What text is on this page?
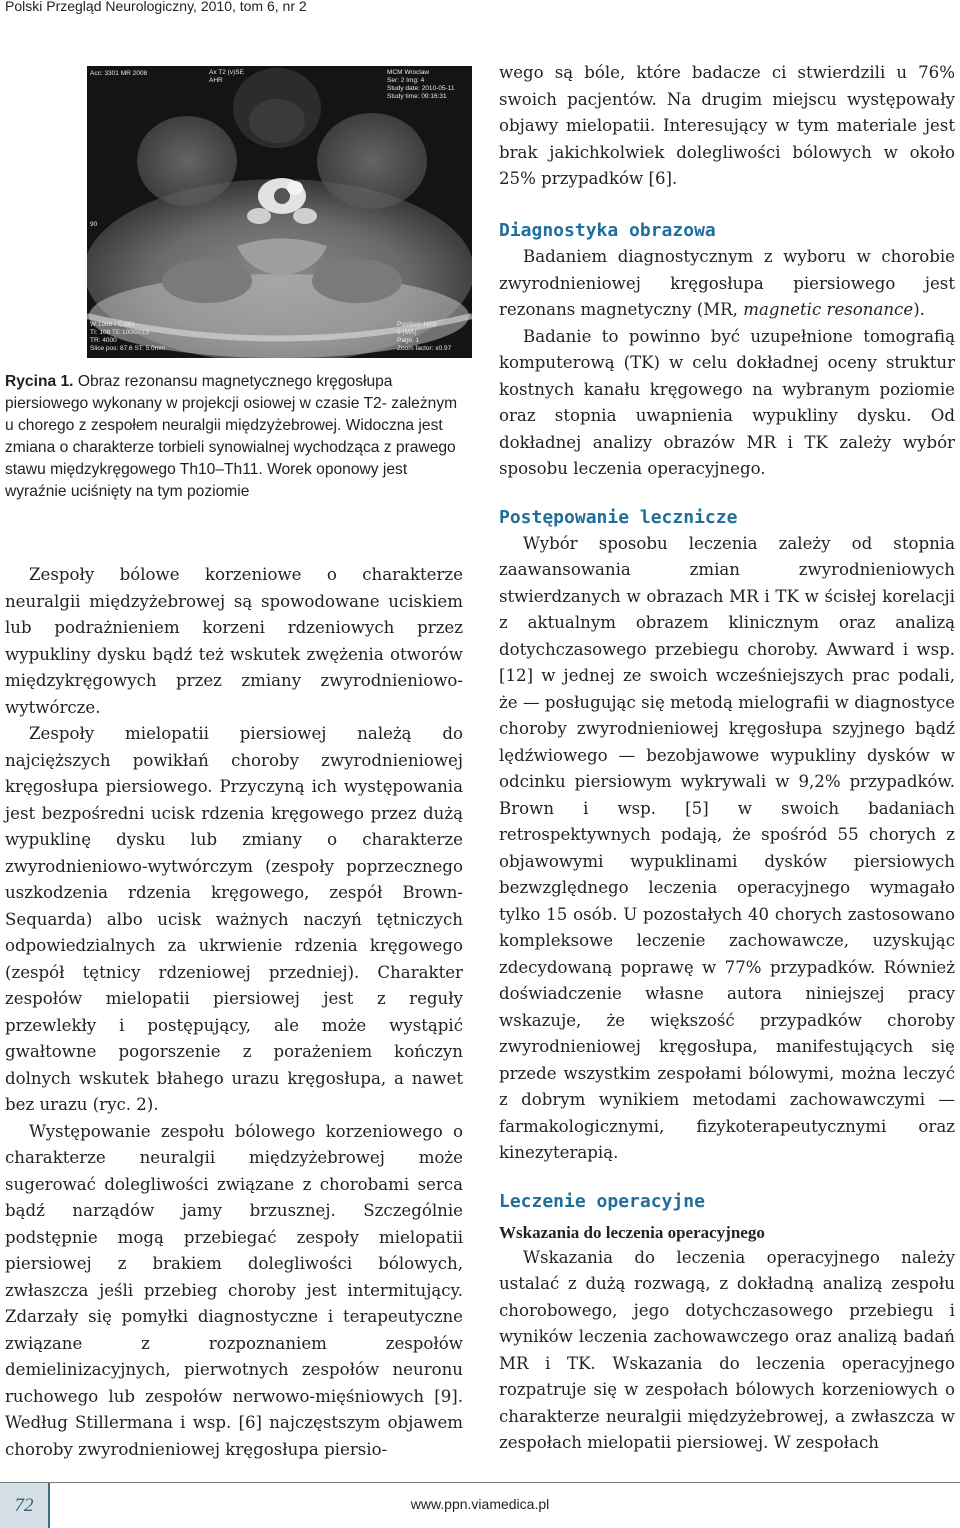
Polski Przegląd Neurologiczny, 2010, tom 6, nr 2
Acc: 3301 MR 2008	Ax T2 (v)SE
AHR
MCM Wroclaw
Ser: 2 Img: 4
Study date: 2010-05-11
Study time: 09:16:31
90
W:1966 / C:661
TI: 108 TE:100/2015
TR: 4000
Slice pos: 87.6 ST: 5.0mm
Position: HFS
5 (MA)
Page: 1
Zoom factor: x0.97
Rycina 1. Obraz rezonansu magnetycznego kręgosłupa piersiowego wykonany w projekcji osiowej w czasie T2- zależnym u chorego z zespołem neuralgii międzyżebrowej. Widoczna jest zmiana o charakterze torbieli synowialnej wychodząca z prawego stawu międzykręgowego Th10–Th11. Worek oponowy jest wyraźnie uciśnięty na tym poziomie

Zespoły bólowe korzeniowe o charakterze neuralgii międzyżebrowej są spowodowane uciskiem lub podrażnieniem korzeni rdzeniowych przez wypukliny dysku bądź też wskutek zwężenia otworów międzykręgowych przez zmiany zwyrodnieniowo-wytwórcze.

Zespoły mielopatii piersiowej należą do najcięższych powikłań choroby zwyrodnieniowej kręgosłupa piersiowego. Przyczyną ich występowania jest bezpośredni ucisk rdzenia kręgowego przez dużą wypuklinę dysku lub zmiany o charakterze zwyrodnieniowo-wytwórczym (zespoły poprzecznego uszkodzenia rdzenia kręgowego, zespół Brown-Sequarda) albo ucisk ważnych naczyń tętniczych odpowiedzialnych za ukrwienie rdzenia kręgowego (zespół tętnicy rdzeniowej przedniej). Charakter zespołów mielopatii piersiowej jest z reguły przewlekły i postępujący, ale może wystąpić gwałtowne pogorszenie z porażeniem kończyn dolnych wskutek błahego urazu kręgosłupa, a nawet bez urazu (ryc. 2).

Występowanie zespołu bólowego korzeniowego o charakterze neuralgii międzyżebrowej może sugerować dolegliwości związane z chorobami serca bądź narządów jamy brzusznej. Szczególnie podstępnie mogą przebiegać zespoły mielopatii piersiowej z brakiem dolegliwości bólowych, zwłaszcza jeśli przebieg choroby jest intermitujący. Zdarzały się pomyłki diagnostyczne i terapeutyczne związane z rozpoznaniem zespołów demielinizacyjnych, pierwotnych zespołów neuronu ruchowego lub zespołów nerwowo-mięśniowych [9]. Według Stillermana i wsp. [6] najczęstszym objawem choroby zwyrodnieniowej kręgosłupa piersio-

wego są bóle, które badacze ci stwierdzili u 76% swoich pacjentów. Na drugim miejscu występowały objawy mielopatii. Interesujący w tym materiale jest brak jakichkolwiek dolegliwości bólowych w około 25% przypadków [6].

Diagnostyka obrazowa

Badaniem diagnostycznym z wyboru w chorobie zwyrodnieniowej kręgosłupa piersiowego jest rezonans magnetyczny (MR, magnetic resonance).

Badanie to powinno być uzupełnione tomografią komputerową (TK) w celu dokładnej oceny struktur kostnych kanału kręgowego na wybranym poziomie oraz stopnia uwapnienia wypukliny dysku. Od dokładnej analizy obrazów MR i TK zależy wybór sposobu leczenia operacyjnego.

Postępowanie lecznicze

Wybór sposobu leczenia zależy od stopnia zaawansowania zmian zwyrodnieniowych stwierdzanych w obrazach MR i TK w ścisłej korelacji z aktualnym obrazem klinicznym oraz analizą dotychczasowego przebiegu choroby. Awward i wsp. [12] w jednej ze swoich wcześniejszych prac podali, że — posługując się metodą mielografii w diagnostyce choroby zwyrodnieniowej kręgosłupa szyjnego bądź lędźwiowego — bezobjawowe wypukliny dysków w odcinku piersiowym wykrywali w 9,2% przypadków. Brown i wsp. [5] w swoich badaniach retrospektywnych podają, że spośród 55 chorych z objawowymi wypuklinami dysków piersiowych bezwzględnego leczenia operacyjnego wymagało tylko 15 osób. U pozostałych 40 chorych zastosowano kompleksowe leczenie zachowawcze, uzyskując zdecydowaną poprawę w 77% przypadków. Również doświadczenie własne autora niniejszej pracy wskazuje, że większość przypadków choroby zwyrodnieniowej kręgosłupa, manifestujących się przede wszystkim zespołami bólowymi, można leczyć z dobrym wynikiem metodami zachowawczymi — farmakologicznymi, fizykoterapeutycznymi oraz kinezyterapią.

Leczenie operacyjne
Wskazania do leczenia operacyjnego

Wskazania do leczenia operacyjnego należy ustalać z dużą rozwagą, z dokładną analizą zespołu chorobowego, jego dotychczasowego przebiegu i wyników leczenia zachowawczego oraz analizą badań MR i TK. Wskazania do leczenia operacyjnego rozpatruje się w zespołach bólowych korzeniowych o charakterze neuralgii międzyżebrowej, a zwłaszcza w zespołach mielopatii piersiowej. W zespołach

72	www.ppn.viamedica.pl
